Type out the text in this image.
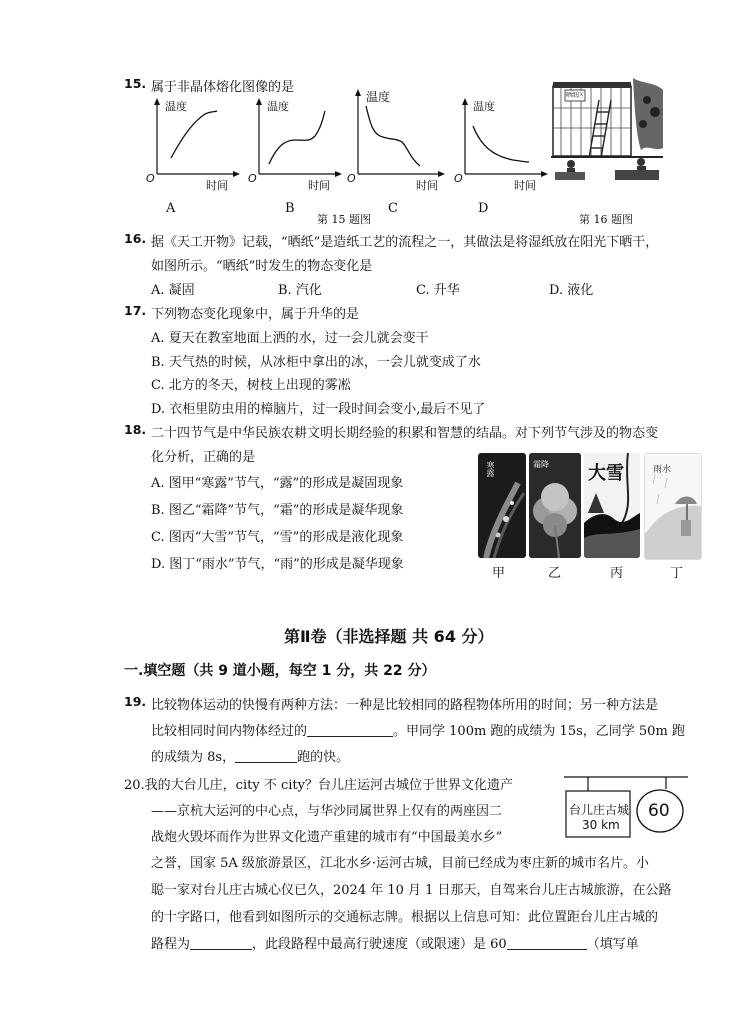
15. 属于非晶体熔化图像的是
温度
O
时间
温度
O
时间
温度
O
时间
温度
O
时间
A	B	C	D
第 15 题图
晒纸区
第 16 题图
16. 据《天工开物》记载，“晒纸”是造纸工艺的流程之一，其做法是将湿纸放在阳光下晒干，
如图所示。“晒纸”时发生的物态变化是
A. 凝固	B. 汽化	C. 升华	D. 液化
17. 下列物态变化现象中，属于升华的是
A. 夏天在教室地面上洒的水，过一会儿就会变干
B. 天气热的时候，从冰柜中拿出的冰，一会儿就变成了水
C. 北方的冬天，树枝上出现的雾凇
D. 衣柜里防虫用的樟脑片，过一段时间会变小,最后不见了
18. 二十四节气是中华民族农耕文明长期经验的积累和智慧的结晶。对下列节气涉及的物态变
化分析，正确的是
A. 图甲“寒露”节气，“露”的形成是凝固现象
B. 图乙“霜降”节气，“霜”的形成是凝华现象
C. 图丙“大雪”节气，“雪”的形成是液化现象
D. 图丁“雨水”节气，“雨”的形成是凝华现象
寒露	霜降 大雪	雨水
甲	乙	丙	丁
第Ⅱ卷（非选择题 共 64 分）
一.填空题（共 9 道小题，每空 1 分，共 22 分）
19. 比较物体运动的快慢有两种方法：一种是比较相同的路程物体所用的时间；另一种方法是
比较相同时间内物体经过的	。甲同学 100m 跑的成绩为 15s，乙同学 50m 跑
的成绩为 8s，	跑的快。
20.我的大台儿庄，city 不 city？台儿庄运河古城位于世界文化遗产
——京杭大运河的中心点，与华沙同属世界上仅有的两座因二
战炮火毁坏而作为世界文化遗产重建的城市有“中国最美水乡”
之誉，国家 5A 级旅游景区，江北水乡·运河古城，目前已经成为枣庄新的城市名片。小
聪一家对台儿庄古城心仪已久，2024 年 10 月 1 日那天，自驾来台儿庄古城旅游，在公路
的十字路口，他看到如图所示的交通标志牌。根据以上信息可知：此位置距台儿庄古城的
路程为	，此段路程中最高行驶速度（或限速）是 60	（填写单
台儿庄古城
30 km
60
